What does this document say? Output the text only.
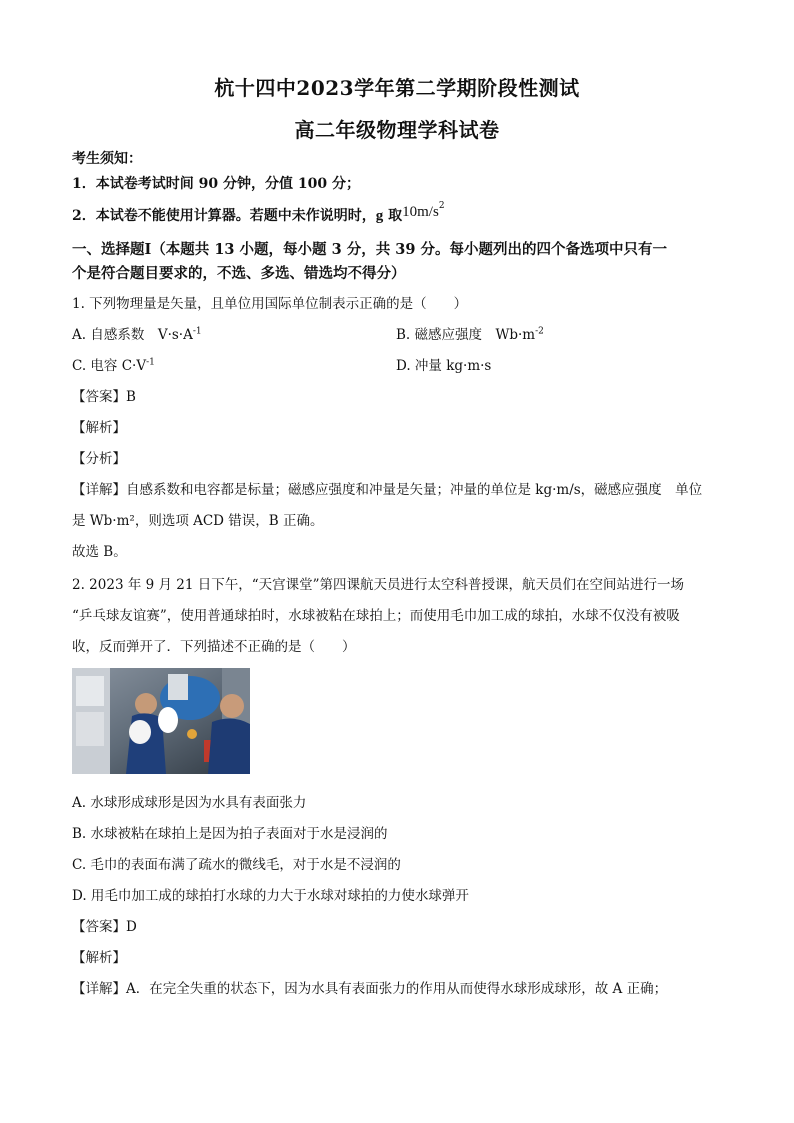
杭十四中2023学年第二学期阶段性测试
高二年级物理学科试卷
考生须知：
1．本试卷考试时间 90 分钟，分值 100 分；
2．本试卷不能使用计算器。若题中未作说明时，g 取$10m/s^2$
一、选择题Ⅰ（本题共 13 小题，每小题 3 分，共 39 分。每小题列出的四个备选项中只有一
个是符合题目要求的，不选、多选、错选均不得分）
1. 下列物理量是矢量，且单位用国际单位制表示正确的是（　　）
A. 自感系数　$V\cdot s\cdot A^{-1}$	B. 磁感应强度　$Wb\cdot m^{-2}$
C. 电容 $C\cdot V^{-1}$	D. 冲量 kg·m·s
【答案】B
【解析】
【分析】
【详解】自感系数和电容都是标量；磁感应强度和冲量是矢量；冲量的单位是 kg·m/s，磁感应强度　单位
是 Wb·m²，则选项 ACD 错误，B 正确。
故选 B。
2. 2023 年 9 月 21 日下午，“天宫课堂”第四课航天员进行太空科普授课，航天员们在空间站进行一场
“乒乓球友谊赛”，使用普通球拍时，水球被粘在球拍上；而使用毛巾加工成的球拍，水球不仅没有被吸
收，反而弹开了．下列描述不正确的是（　　）
A. 水球形成球形是因为水具有表面张力
B. 水球被粘在球拍上是因为拍子表面对于水是浸润的
C. 毛巾的表面布满了疏水的微线毛，对于水是不浸润的
D. 用毛巾加工成的球拍打水球的力大于水球对球拍的力使水球弹开
【答案】D
【解析】
【详解】A．在完全失重的状态下，因为水具有表面张力的作用从而使得水球形成球形，故 A 正确；
